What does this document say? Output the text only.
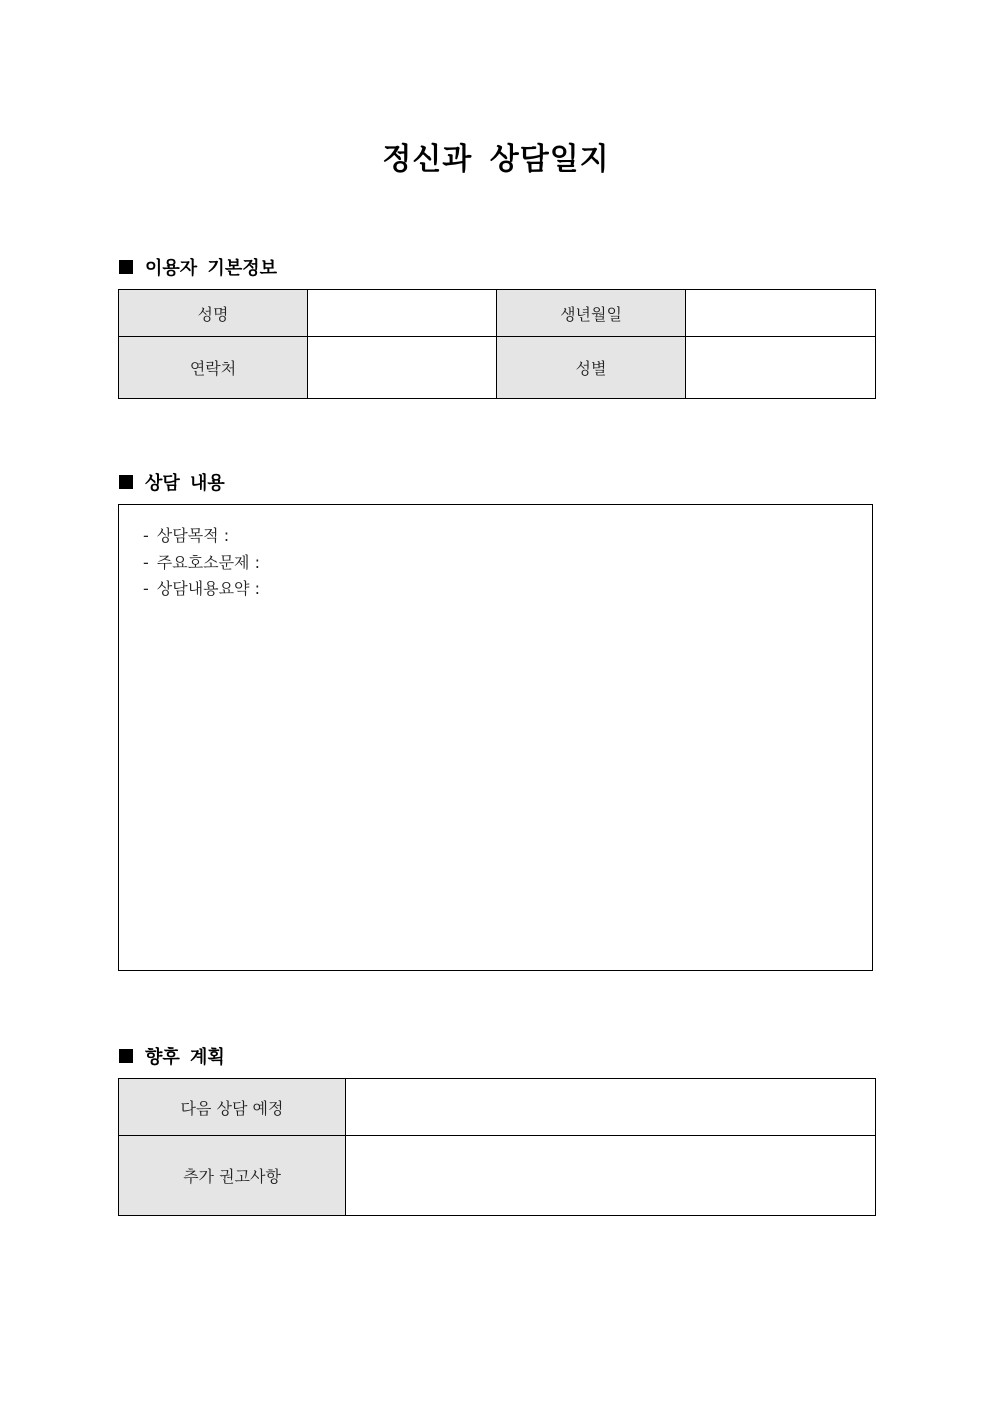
정신과 상담일지
이용자 기본정보
성명		생년월일	
연락처		성별	
상담 내용
- 상담목적 :
- 주요호소문제 :
- 상담내용요약 :
향후 계획
다음 상담 예정	
추가 권고사항	
